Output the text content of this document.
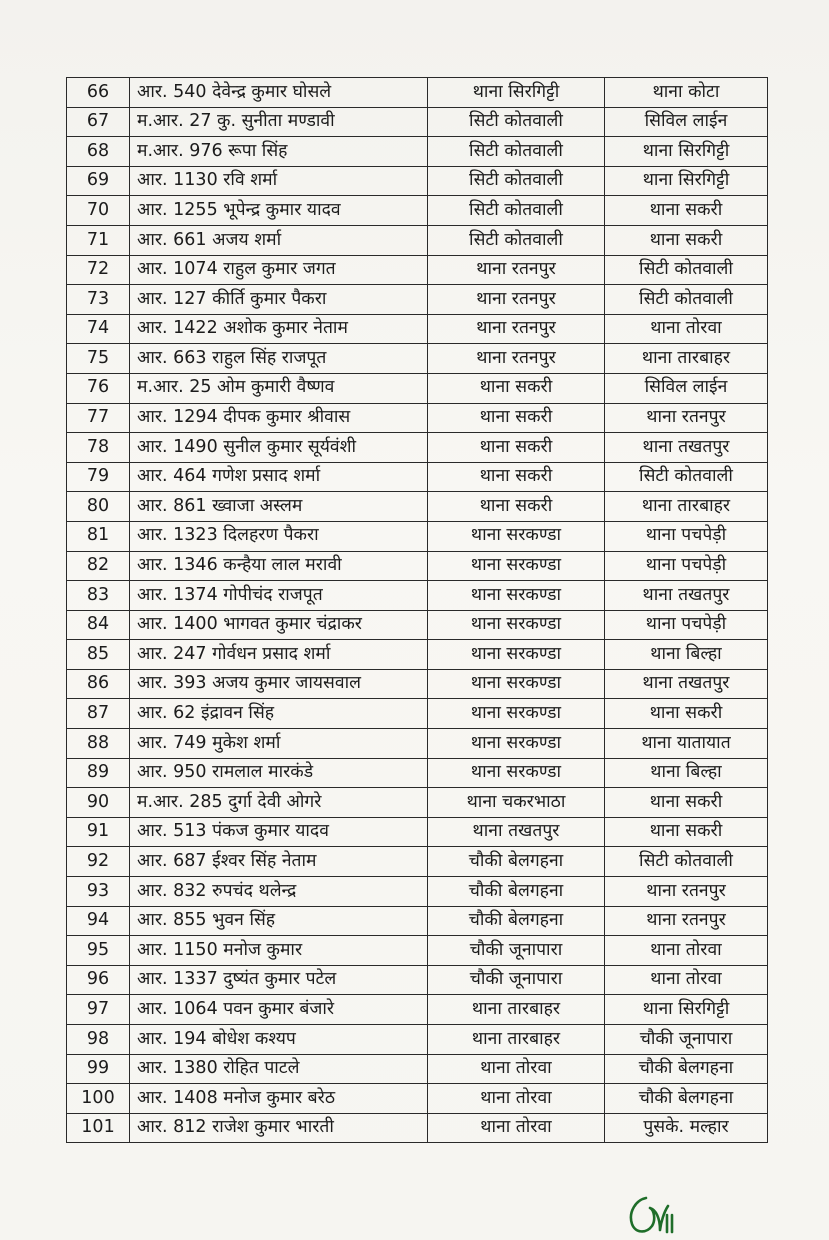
66	आर. 540 देवेन्द्र कुमार घोसले	थाना सिरगिट्टी	थाना कोटा
67	म.आर. 27 कु. सुनीता मण्डावी	सिटी कोतवाली	सिविल लाईन
68	म.आर. 976 रूपा सिंह	सिटी कोतवाली	थाना सिरगिट्टी
69	आर. 1130 रवि शर्मा	सिटी कोतवाली	थाना सिरगिट्टी
70	आर. 1255 भूपेन्द्र कुमार यादव	सिटी कोतवाली	थाना सकरी
71	आर. 661 अजय शर्मा	सिटी कोतवाली	थाना सकरी
72	आर. 1074 राहुल कुमार जगत	थाना रतनपुर	सिटी कोतवाली
73	आर. 127 कीर्ति कुमार पैकरा	थाना रतनपुर	सिटी कोतवाली
74	आर. 1422 अशोक कुमार नेताम	थाना रतनपुर	थाना तोरवा
75	आर. 663 राहुल सिंह राजपूत	थाना रतनपुर	थाना तारबाहर
76	म.आर. 25 ओम कुमारी वैष्णव	थाना सकरी	सिविल लाईन
77	आर. 1294 दीपक कुमार श्रीवास	थाना सकरी	थाना रतनपुर
78	आर. 1490 सुनील कुमार सूर्यवंशी	थाना सकरी	थाना तखतपुर
79	आर. 464 गणेश प्रसाद शर्मा	थाना सकरी	सिटी कोतवाली
80	आर. 861 ख्वाजा अस्लम	थाना सकरी	थाना तारबाहर
81	आर. 1323 दिलहरण पैकरा	थाना सरकण्डा	थाना पचपेड़ी
82	आर. 1346 कन्हैया लाल मरावी	थाना सरकण्डा	थाना पचपेड़ी
83	आर. 1374 गोपीचंद राजपूत	थाना सरकण्डा	थाना तखतपुर
84	आर. 1400 भागवत कुमार चंद्राकर	थाना सरकण्डा	थाना पचपेड़ी
85	आर. 247 गोर्वधन प्रसाद शर्मा	थाना सरकण्डा	थाना बिल्हा
86	आर. 393 अजय कुमार जायसवाल	थाना सरकण्डा	थाना तखतपुर
87	आर. 62 इंद्रावन सिंह	थाना सरकण्डा	थाना सकरी
88	आर. 749 मुकेश शर्मा	थाना सरकण्डा	थाना यातायात
89	आर. 950 रामलाल मारकंडे	थाना सरकण्डा	थाना बिल्हा
90	म.आर. 285 दुर्गा देवी ओगरे	थाना चकरभाठा	थाना सकरी
91	आर. 513 पंकज कुमार यादव	थाना तखतपुर	थाना सकरी
92	आर. 687 ईश्वर सिंह नेताम	चौकी बेलगहना	सिटी कोतवाली
93	आर. 832 रुपचंद थलेन्द्र	चौकी बेलगहना	थाना रतनपुर
94	आर. 855 भुवन सिंह	चौकी बेलगहना	थाना रतनपुर
95	आर. 1150 मनोज कुमार	चौकी जूनापारा	थाना तोरवा
96	आर. 1337 दुष्यंत कुमार पटेल	चौकी जूनापारा	थाना तोरवा
97	आर. 1064 पवन कुमार बंजारे	थाना तारबाहर	थाना सिरगिट्टी
98	आर. 194 बोधेश कश्यप	थाना तारबाहर	चौकी जूनापारा
99	आर. 1380 रोहित पाटले	थाना तोरवा	चौकी बेलगहना
100	आर. 1408 मनोज कुमार बरेठ	थाना तोरवा	चौकी बेलगहना
101	आर. 812 राजेश कुमार भारती	थाना तोरवा	पुसके. मल्हार
